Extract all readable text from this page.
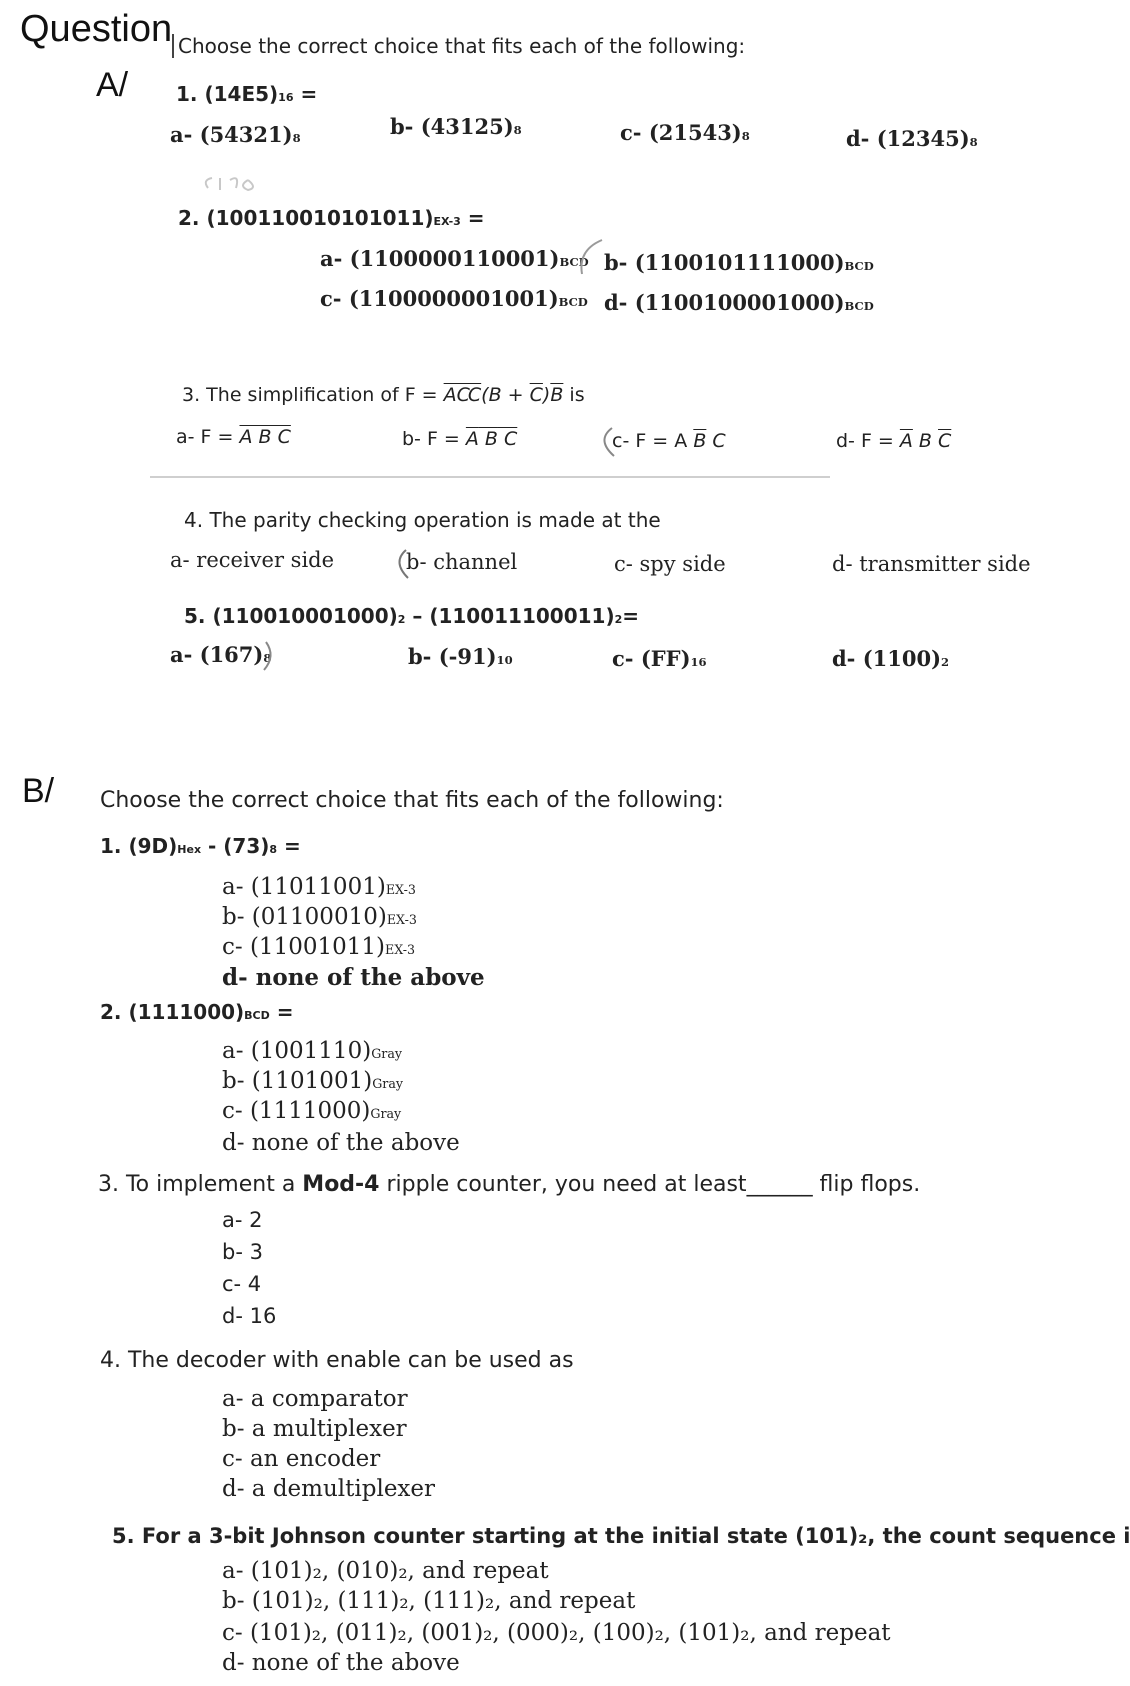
Question Choose the correct choice that fits each of the following:
A/ 1. (14E5)16 =
a- (54321)8	b- (43125)8	c- (21543)8	d- (12345)8
2. (100110010101011)EX-3 =
a- (1100000110001)BCD b- (1100101111000)BCD
c- (1100000001001)BCD d- (1100100001000)BCD
3. The simplification of $F = \overline{AC}\overline{C}(B + \overline{C})\overline{B}$ is
a- F = A B C	b- $F = \overline{A}$ B C	c- F = A $\overline{B}$ C	d- $F = \overline{A}$ B $\overline{C}$
4. The parity checking operation is made at the
a- receiver side	b- channel	c- spy side	d- transmitter side
5. (110010001000)2 – (110011100011)2=
a- (167)8	b- (-91)10	c- (FF)16	d- (1100)2
B/ Choose the correct choice that fits each of the following:
1. (9D)Hex - (73)8 =
a- (11011001)EX-3
b- (01100010)EX-3
c- (11001011)EX-3
d- none of the above
2. (1111000)BCD =
a- (1001110)Gray
b- (1101001)Gray
c- (1111000)Gray
d- none of the above
3. To implement a Mod-4 ripple counter, you need at least______ flip flops.
a- 2
b- 3
c- 4
d- 16
4. The decoder with enable can be used as
a- a comparator
b- a multiplexer
c- an encoder
d- a demultiplexer
5. For a 3-bit Johnson counter starting at the initial state (101)₂, the count sequence i
a- (101)₂, (010)₂, and repeat
b- (101)₂, (111)₂, (111)₂, and repeat
c- (101)₂, (011)₂, (001)₂, (000)₂, (100)₂, (101)₂, and repeat
d- none of the above
